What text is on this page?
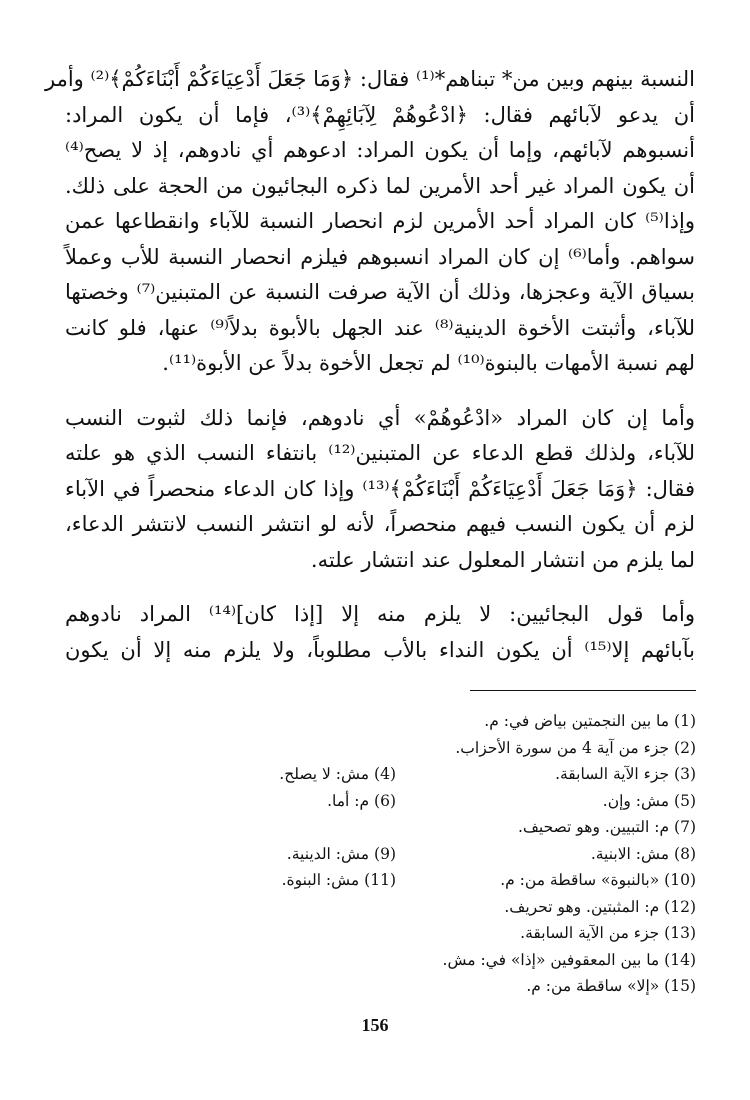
النسبة بينهم وبين من* تبناهم*⁽¹⁾ فقال: ﴿وَمَا جَعَلَ أَدْعِيَاءَكُمْ أَبْنَاءَكُمْ﴾⁽²⁾ وأمر
أن يدعو لآبائهم فقال: ﴿ادْعُوهُمْ لِآبَائِهِمْ﴾⁽³⁾، فإما أن يكون المراد:
أنسبوهم لآبائهم، وإما أن يكون المراد: ادعوهم أي نادوهم، إذ لا يصح⁽⁴⁾
أن يكون المراد غير أحد الأمرين لما ذكره البجائيون من الحجة على ذلك.
وإذا⁽⁵⁾ كان المراد أحد الأمرين لزم انحصار النسبة للآباء وانقطاعها عمن
سواهم. وأما⁽⁶⁾ إن كان المراد انسبوهم فيلزم انحصار النسبة للأب وعملاً
بسياق الآية وعجزها، وذلك أن الآية صرفت النسبة عن المتبنين⁽⁷⁾ وخصتها
للآباء، وأثبتت الأخوة الدينية⁽⁸⁾ عند الجهل بالأبوة بدلاً⁽⁹⁾ عنها، فلو كانت
لهم نسبة الأمهات بالبنوة⁽¹⁰⁾ لم تجعل الأخوة بدلاً عن الأبوة⁽¹¹⁾.

وأما إن كان المراد «ادْعُوهُمْ» أي نادوهم، فإنما ذلك لثبوت النسب
للآباء، ولذلك قطع الدعاء عن المتبنين⁽¹²⁾ بانتفاء النسب الذي هو علته
فقال: ﴿وَمَا جَعَلَ أَدْعِيَاءَكُمْ أَبْنَاءَكُمْ﴾⁽¹³⁾ وإذا كان الدعاء منحصراً في الآباء
لزم أن يكون النسب فيهم منحصراً، لأنه لو انتشر النسب لانتشر الدعاء،
لما يلزم من انتشار المعلول عند انتشار علته.

وأما قول البجائيين: لا يلزم منه إلا [إذا كان]⁽¹⁴⁾ المراد نادوهم
بآبائهم إلا⁽¹⁵⁾ أن يكون النداء بالأب مطلوباً، ولا يلزم منه إلا أن يكون

(1) ما بين النجمتين بياض في: م.
(2) جزء من آية 4 من سورة الأحزاب.
(3) جزء الآية السابقة.
(4) مش: لا يصلح.
(5) مش: وإن.
(6) م: أما.
(7) م: التبيين. وهو تصحيف.
(8) مش: الابنية.
(9) مش: الدينية.
(10) «بالنبوة» ساقطة من: م.
(11) مش: البنوة.
(12) م: المثبتين. وهو تحريف.
(13) جزء من الآية السابقة.
(14) ما بين المعقوفين «إذا» في: مش.
(15) «إلا» ساقطة من: م.
156
